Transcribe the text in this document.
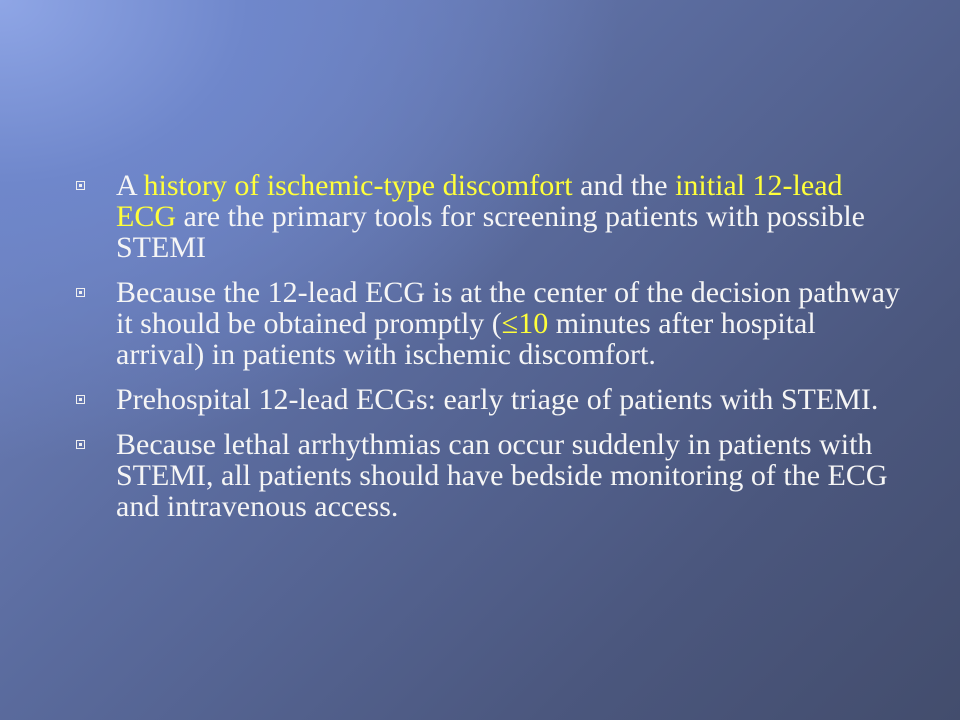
A history of ischemic-type discomfort and the initial 12-lead ECG are the primary tools for screening patients with possible STEMI
Because the 12-lead ECG is at the center of the decision pathway it should be obtained promptly (≤10 minutes after hospital arrival) in patients with ischemic discomfort.
Prehospital 12-lead ECGs: early triage of patients with STEMI.
Because lethal arrhythmias can occur suddenly in patients with STEMI, all patients should have bedside monitoring of the ECG and intravenous access.
